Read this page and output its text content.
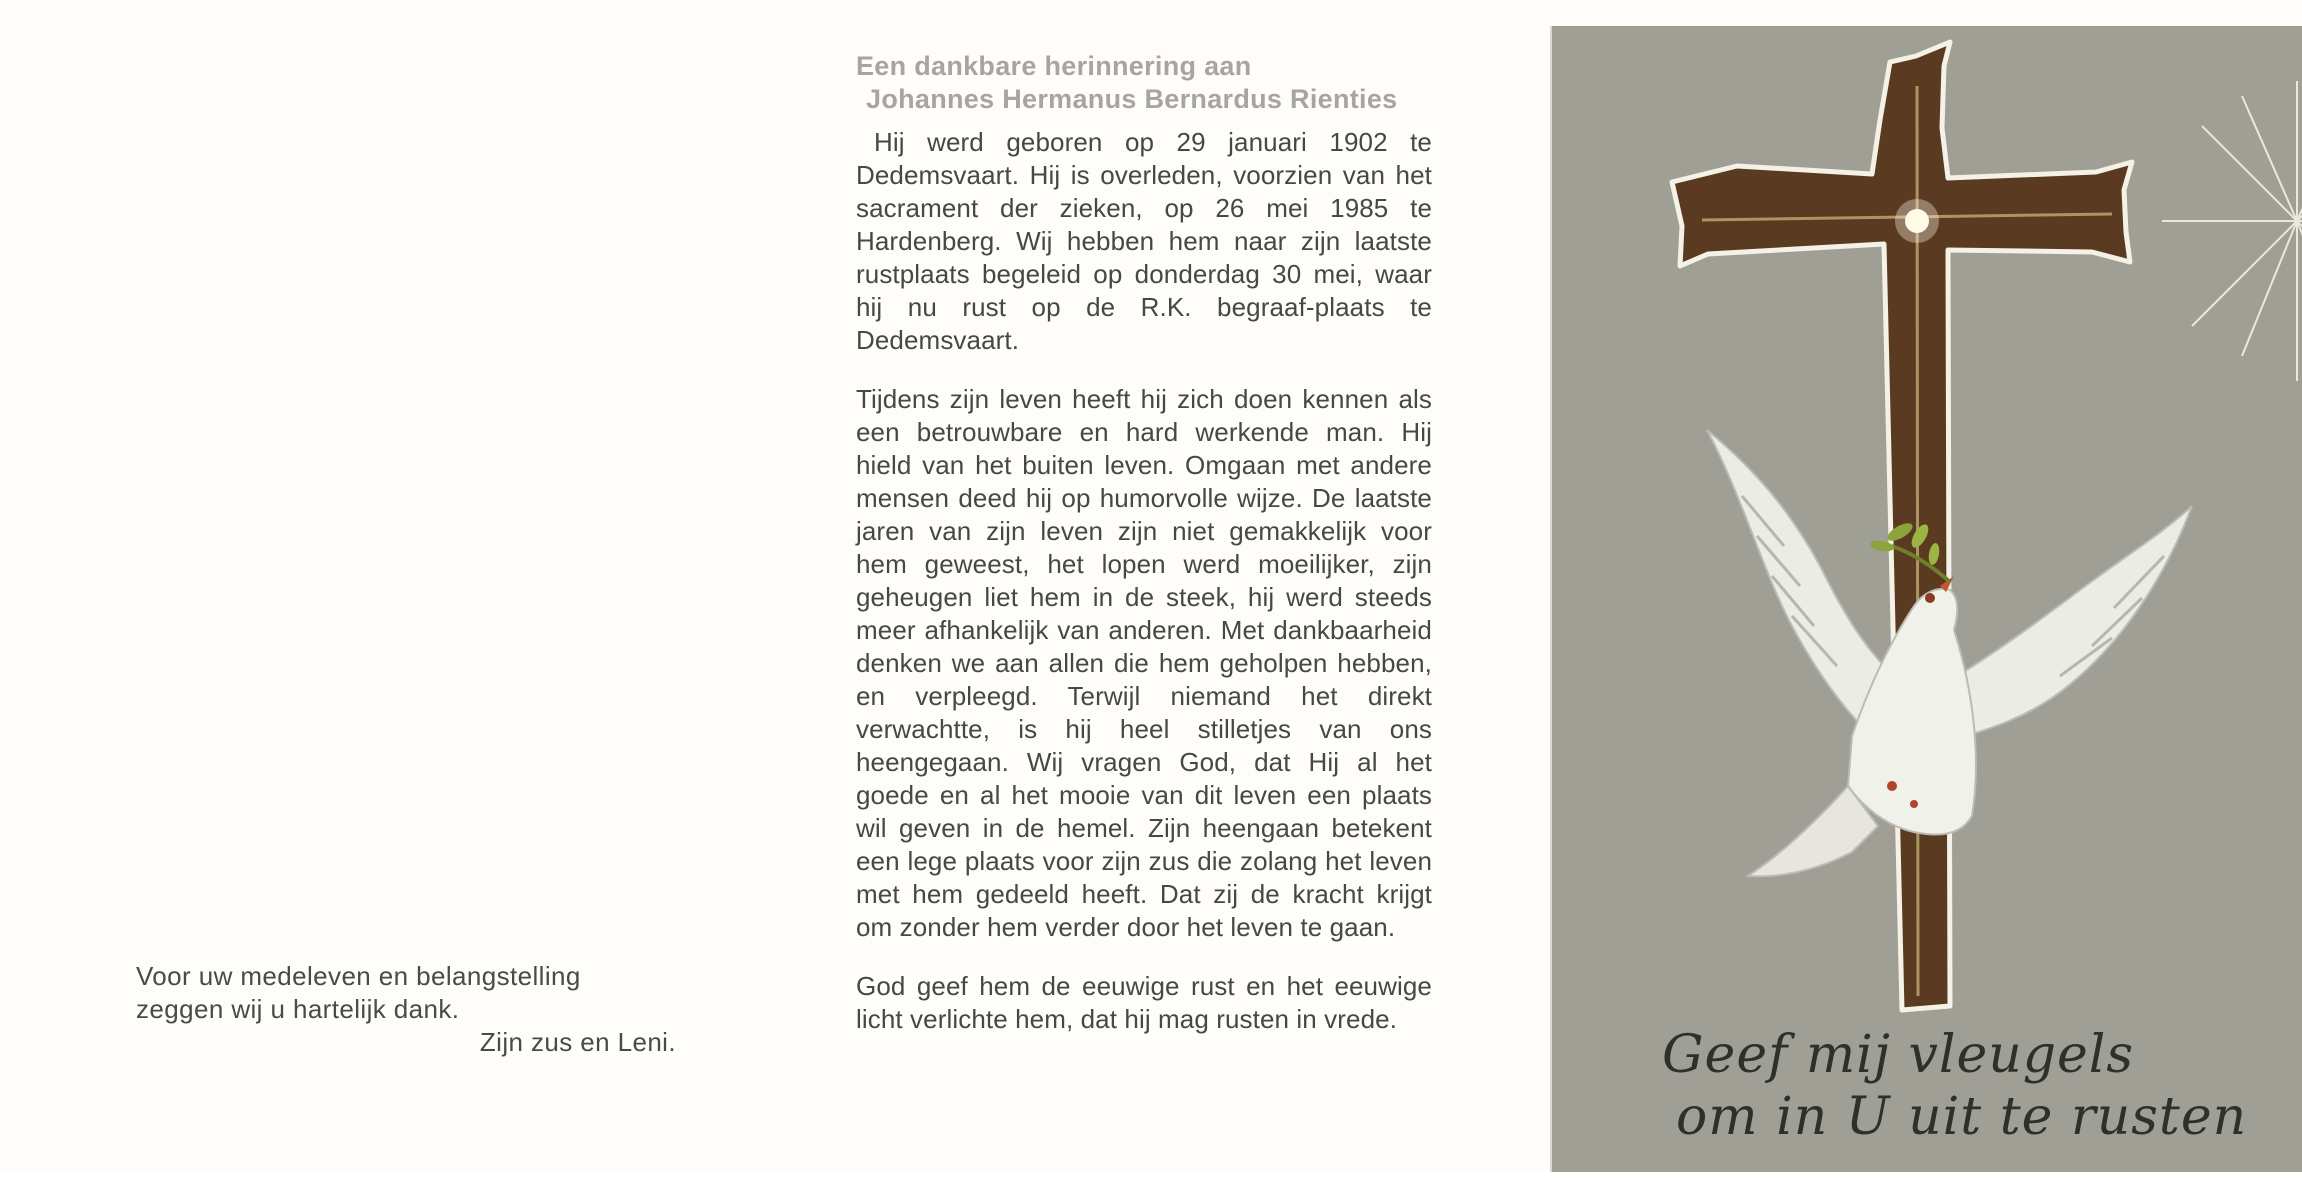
Voor uw medeleven en belangstelling
zeggen wij u hartelijk dank.
Zijn zus en Leni.
Een dankbare herinnering aan
Johannes Hermanus Bernardus Rienties

Hij werd geboren op 29 januari 1902 te Dedemsvaart. Hij is overleden, voorzien van het sacrament der zieken, op 26 mei 1985 te Hardenberg. Wij hebben hem naar zijn laatste rustplaats begeleid op donderdag 30 mei, waar hij nu rust op de R.K. begraaf-plaats te Dedemsvaart.

Tijdens zijn leven heeft hij zich doen kennen als een betrouwbare en hard werkende man. Hij hield van het buiten leven. Omgaan met andere mensen deed hij op humorvolle wijze. De laatste jaren van zijn leven zijn niet gemakkelijk voor hem geweest, het lopen werd moeilijker, zijn geheugen liet hem in de steek, hij werd steeds meer afhankelijk van anderen. Met dankbaarheid denken we aan allen die hem geholpen hebben, en verpleegd. Terwijl niemand het direkt verwachtte, is hij heel stilletjes van ons heengegaan. Wij vragen God, dat Hij al het goede en al het mooie van dit leven een plaats wil geven in de hemel. Zijn heengaan betekent een lege plaats voor zijn zus die zolang het leven met hem gedeeld heeft. Dat zij de kracht krijgt om zonder hem verder door het leven te gaan.

God geef hem de eeuwige rust en het eeuwige licht verlichte hem, dat hij mag rusten in vrede.

Geef mij vleugels
om in U uit te rusten
